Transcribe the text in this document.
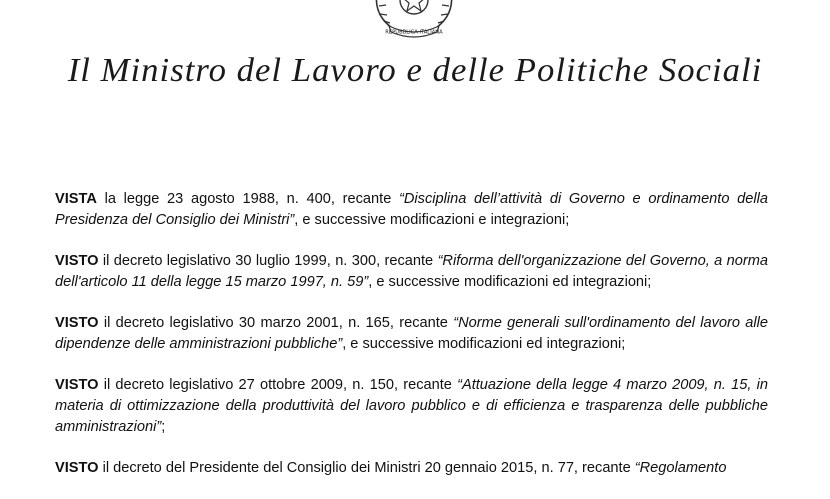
REPUBBLICA ITALIANA
Il Ministro del Lavoro e delle Politiche Sociali

VISTA la legge 23 agosto 1988, n. 400, recante “Disciplina dell’attività di Governo e ordinamento della Presidenza del Consiglio dei Ministri”, e successive modificazioni e integrazioni;

VISTO il decreto legislativo 30 luglio 1999, n. 300, recante “Riforma dell'organizzazione del Governo, a norma dell'articolo 11 della legge 15 marzo 1997, n. 59”, e successive modificazioni ed integrazioni;

VISTO il decreto legislativo 30 marzo 2001, n. 165, recante “Norme generali sull'ordinamento del lavoro alle dipendenze delle amministrazioni pubbliche”, e successive modificazioni ed integrazioni;

VISTO il decreto legislativo 27 ottobre 2009, n. 150, recante “Attuazione della legge 4 marzo 2009, n. 15, in materia di ottimizzazione della produttività del lavoro pubblico e di efficienza e trasparenza delle pubbliche amministrazioni”;

VISTO il decreto del Presidente del Consiglio dei Ministri 20 gennaio 2015, n. 77, recante “Regolamento
